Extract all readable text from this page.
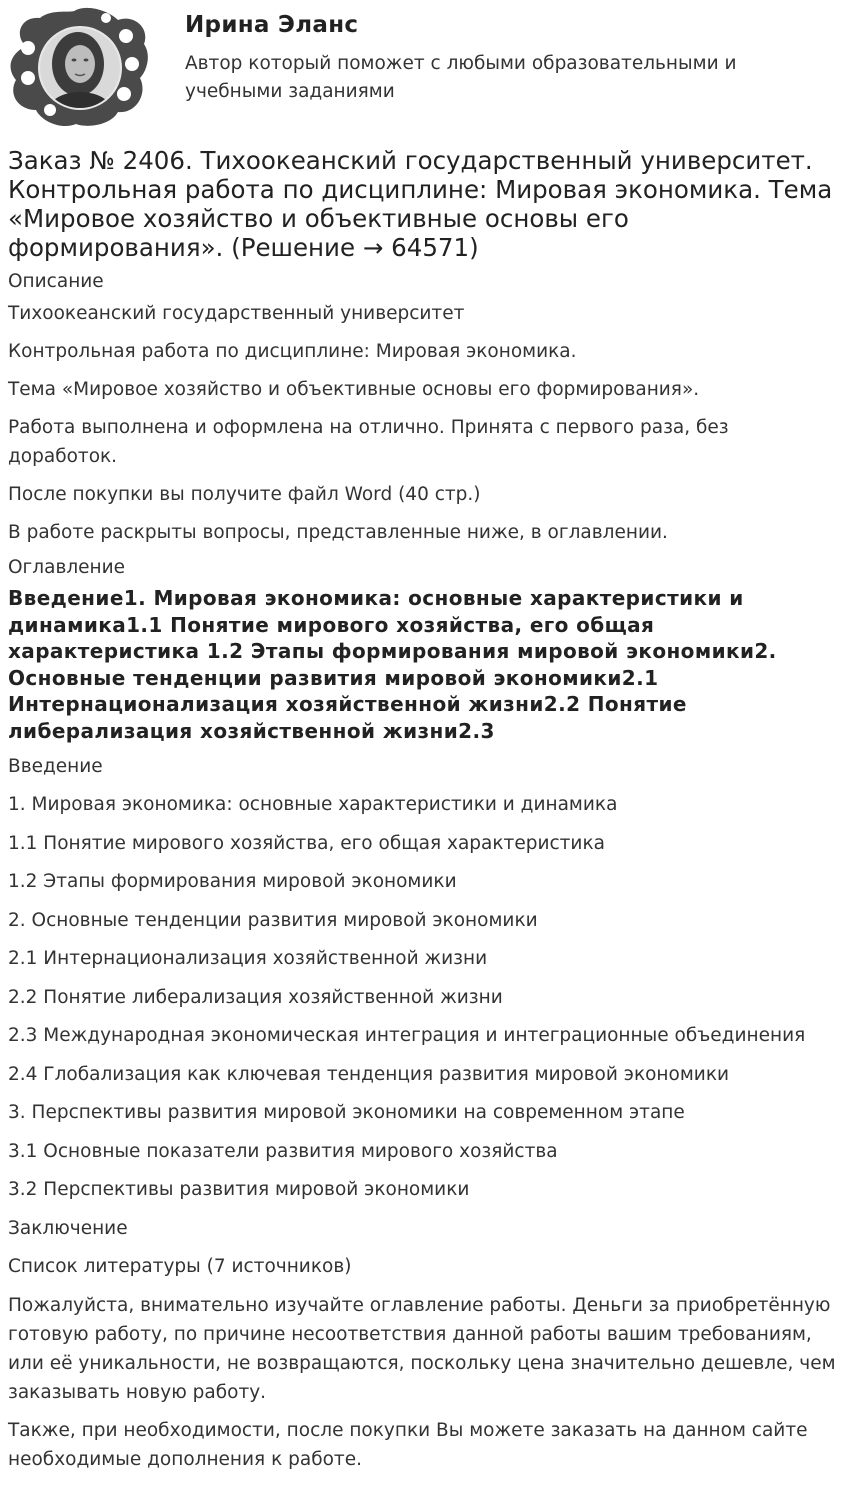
Ирина Эланс

Автор который поможет с любыми образовательными и учебными заданиями

Заказ № 2406. Тихоокеанский государственный университет. Контрольная работа по дисциплине: Мировая экономика. Тема «Мировое хозяйство и объективные основы его формирования». (Решение → 64571)
Описание

Тихоокеанский государственный университет

Контрольная работа по дисциплине: Мировая экономика.

Тема «Мировое хозяйство и объективные основы его формирования».

Работа выполнена и оформлена на отлично. Принята с первого раза, без доработок.

После покупки вы получите файл Word (40 стр.)

В работе раскрыты вопросы, представленные ниже, в оглавлении.

Оглавление
Введение1. Мировая экономика: основные характеристики и динамика1.1 Понятие мирового хозяйства, его общая характеристика 1.2 Этапы формирования мировой экономики2. Основные тенденции развития мировой экономики2.1 Интернационализация хозяйственной жизни2.2 Понятие либерализация хозяйственной жизни2.3
Введение
1. Мировая экономика: основные характеристики и динамика
1.1 Понятие мирового хозяйства, его общая характеристика
1.2 Этапы формирования мировой экономики
2. Основные тенденции развития мировой экономики
2.1 Интернационализация хозяйственной жизни
2.2 Понятие либерализация хозяйственной жизни
2.3 Международная экономическая интеграция и интеграционные объединения
2.4 Глобализация как ключевая тенденция развития мировой экономики
3. Перспективы развития мировой экономики на современном этапе
3.1 Основные показатели развития мирового хозяйства
3.2 Перспективы развития мировой экономики
Заключение
Список литературы (7 источников)

Пожалуйста, внимательно изучайте оглавление работы. Деньги за приобретённую готовую работу, по причине несоответствия данной работы вашим требованиям, или её уникальности, не возвращаются, поскольку цена значительно дешевле, чем заказывать новую работу.

Также, при необходимости, после покупки Вы можете заказать на данном сайте необходимые дополнения к работе.
